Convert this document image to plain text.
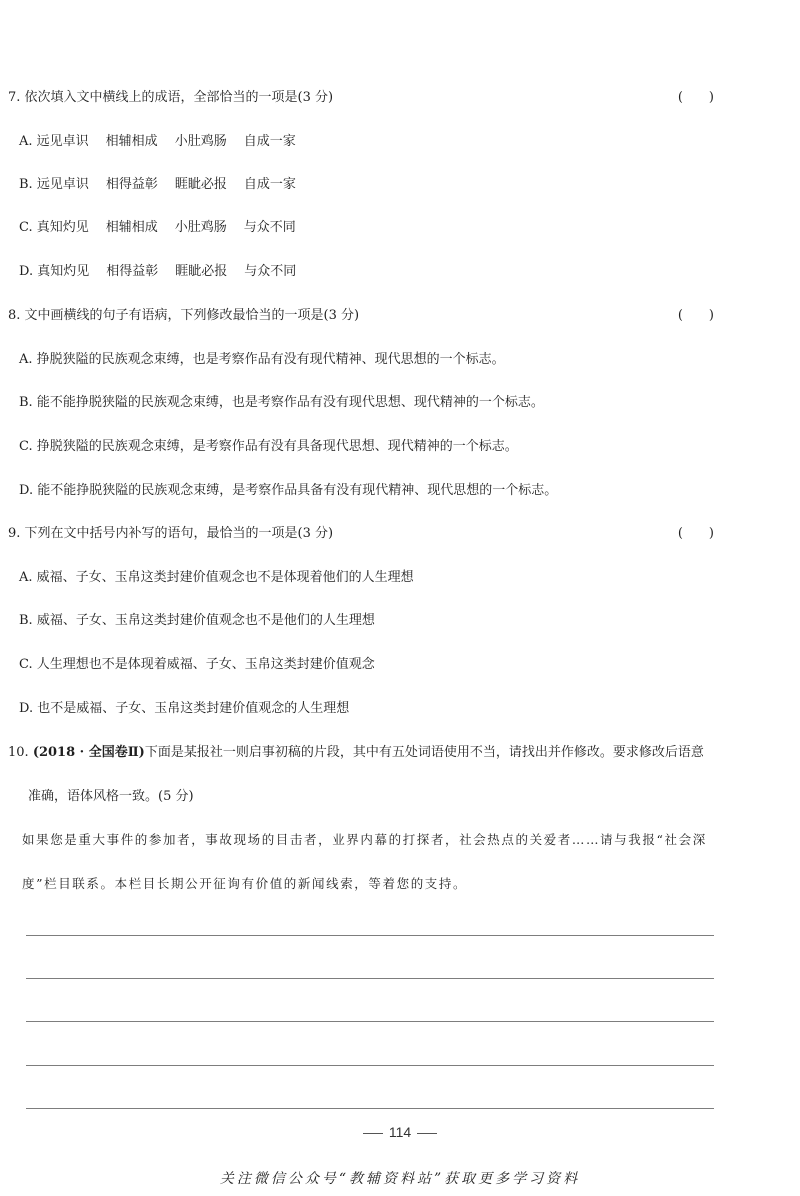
7. 依次填入文中横线上的成语，全部恰当的一项是(3 分)	( )
A. 远见卓识 相辅相成 小肚鸡肠 自成一家
B. 远见卓识 相得益彰 睚眦必报 自成一家
C. 真知灼见 相辅相成 小肚鸡肠 与众不同
D. 真知灼见 相得益彰 睚眦必报 与众不同
8. 文中画横线的句子有语病，下列修改最恰当的一项是(3 分)	( )
A. 挣脱狭隘的民族观念束缚，也是考察作品有没有现代精神、现代思想的一个标志。
B. 能不能挣脱狭隘的民族观念束缚，也是考察作品有没有现代思想、现代精神的一个标志。
C. 挣脱狭隘的民族观念束缚，是考察作品有没有具备现代思想、现代精神的一个标志。
D. 能不能挣脱狭隘的民族观念束缚，是考察作品具备有没有现代精神、现代思想的一个标志。
9. 下列在文中括号内补写的语句，最恰当的一项是(3 分)	( )
A. 威福、子女、玉帛这类封建价值观念也不是体现着他们的人生理想
B. 威福、子女、玉帛这类封建价值观念也不是他们的人生理想
C. 人生理想也不是体现着威福、子女、玉帛这类封建价值观念
D. 也不是威福、子女、玉帛这类封建价值观念的人生理想
10. (2018 · 全国卷Ⅱ)下面是某报社一则启事初稿的片段，其中有五处词语使用不当，请找出并作修改。要求修改后语意
准确，语体风格一致。(5 分)
如果您是重大事件的参加者，事故现场的目击者，业界内幕的打探者，社会热点的关爱者……请与我报“社会深
度”栏目联系。本栏目长期公开征询有价值的新闻线索，等着您的支持。
114
关注微信公众号“教辅资料站”获取更多学习资料
